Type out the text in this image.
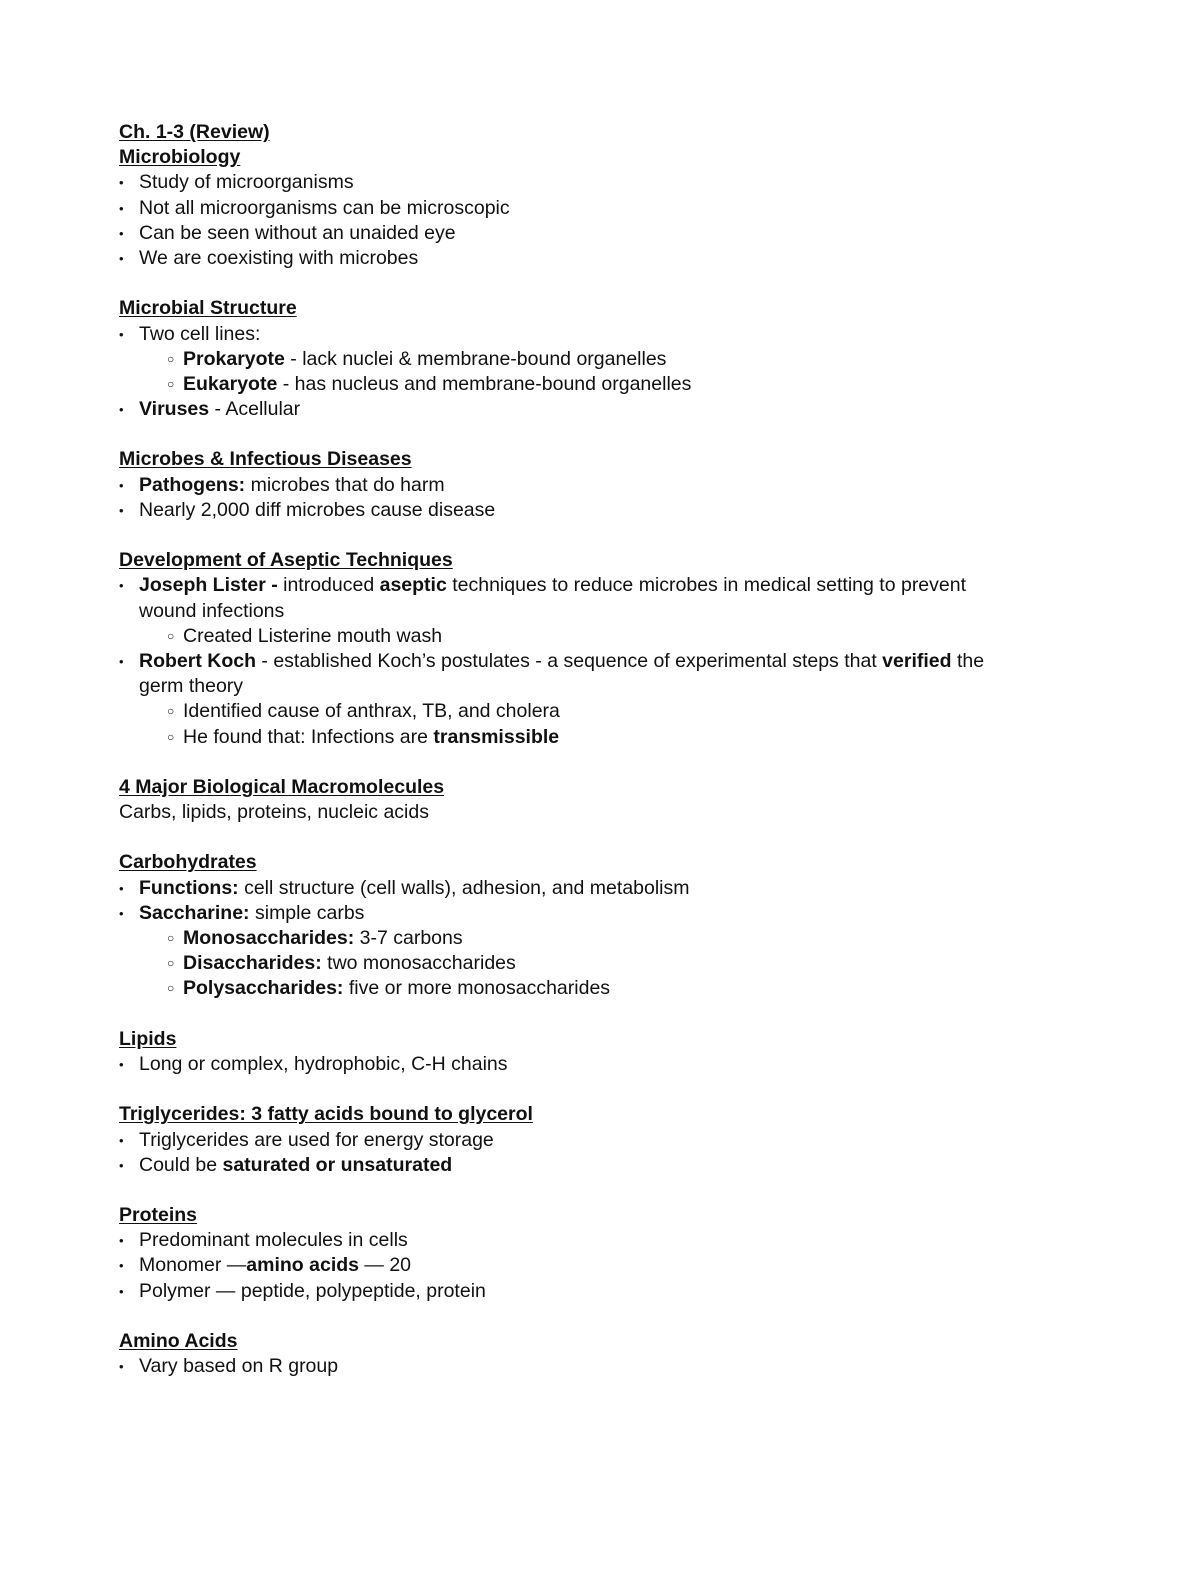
Ch. 1-3 (Review)
Microbiology
• Study of microorganisms
• Not all microorganisms can be microscopic
• Can be seen without an unaided eye
• We are coexisting with microbes
Microbial Structure
• Two cell lines:
○ Prokaryote - lack nuclei & membrane-bound organelles
○ Eukaryote - has nucleus and membrane-bound organelles
• Viruses - Acellular
Microbes & Infectious Diseases
• Pathogens: microbes that do harm
• Nearly 2,000 diff microbes cause disease
Development of Aseptic Techniques
• Joseph Lister - introduced aseptic techniques to reduce microbes in medical setting to prevent
wound infections
○ Created Listerine mouth wash
• Robert Koch - established Koch’s postulates - a sequence of experimental steps that verified the
germ theory
○ Identified cause of anthrax, TB, and cholera
○ He found that: Infections are transmissible
4 Major Biological Macromolecules
Carbs, lipids, proteins, nucleic acids
Carbohydrates
• Functions: cell structure (cell walls), adhesion, and metabolism
• Saccharine: simple carbs
○ Monosaccharides: 3-7 carbons
○ Disaccharides: two monosaccharides
○ Polysaccharides: five or more monosaccharides
Lipids
• Long or complex, hydrophobic, C-H chains
Triglycerides: 3 fatty acids bound to glycerol
• Triglycerides are used for energy storage
• Could be saturated or unsaturated
Proteins
• Predominant molecules in cells
• Monomer —amino acids — 20
• Polymer — peptide, polypeptide, protein
Amino Acids
• Vary based on R group
